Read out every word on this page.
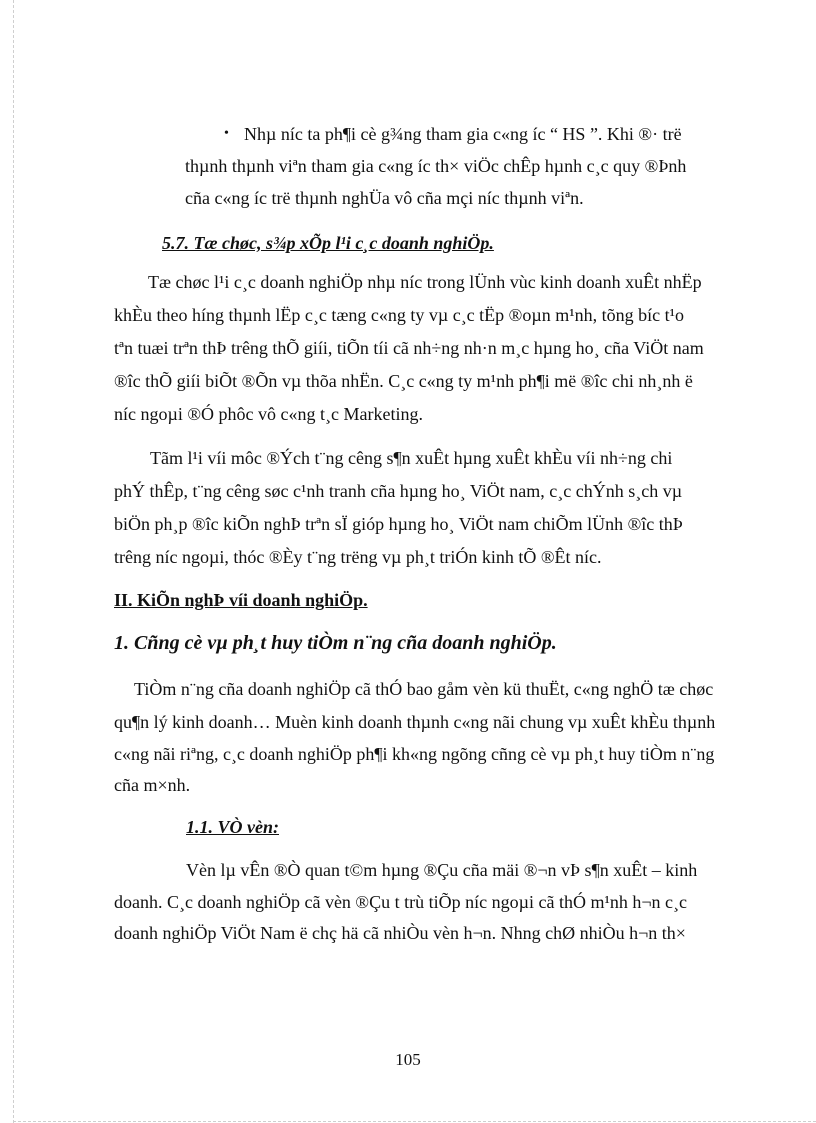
• Nhµ níc ta ph¶i cè g¾ng tham gia c«ng íc “ HS ”. Khi ®· trë
thµnh thµnh viªn tham gia c«ng íc th× viÖc chÊp hµnh c¸c quy ®Þnh
cña c«ng íc trë thµnh nghÜa vô cña mçi níc thµnh viªn.
5.7. Tæ chøc, s¾p xÕp l¹i c¸c doanh nghiÖp.
Tæ chøc l¹i c¸c doanh nghiÖp nhµ níc trong lÜnh vùc kinh doanh xuÊt nhËp
khÈu theo híng thµnh lËp c¸c tæng c«ng ty vµ c¸c tËp ®oµn m¹nh, tõng bíc t¹o
tªn tuæi trªn thÞ trêng thÕ giíi, tiÕn tíi cã nh÷ng nh·n m¸c hµng ho¸ cña ViÖt nam
®îc thÕ giíi biÕt ®Õn vµ thõa nhËn. C¸c c«ng ty m¹nh ph¶i më ®îc chi nh¸nh ë
níc ngoµi ®Ó phôc vô c«ng t¸c Marketing.
Tãm l¹i víi môc ®Ých t¨ng cêng s¶n xuÊt hµng xuÊt khÈu víi nh÷ng chi
phÝ thÊp, t¨ng cêng søc c¹nh tranh cña hµng ho¸ ViÖt nam, c¸c chÝnh s¸ch vµ
biÖn ph¸p ®îc kiÕn nghÞ trªn sÏ gióp hµng ho¸ ViÖt nam chiÕm lÜnh ®îc thÞ
trêng níc ngoµi, thóc ®Èy t¨ng trëng vµ ph¸t triÓn kinh tÕ ®Êt níc.
II. KiÕn nghÞ víi doanh nghiÖp.
1. Cñng cè vµ ph¸t huy tiÒm n¨ng cña doanh nghiÖp.
TiÒm n¨ng cña doanh nghiÖp cã thÓ bao gåm vèn kü thuËt, c«ng nghÖ tæ chøc
qu¶n lý kinh doanh… Muèn kinh doanh thµnh c«ng nãi chung vµ xuÊt khÈu thµnh
c«ng nãi riªng, c¸c doanh nghiÖp ph¶i kh«ng ngõng cñng cè vµ ph¸t huy tiÒm n¨ng
cña m×nh.
1.1. VÒ vèn:
Vèn lµ vÊn ®Ò quan t©m hµng ®Çu cña mäi ®¬n vÞ s¶n xuÊt – kinh
doanh. C¸c doanh nghiÖp cã vèn ®Çu t trù tiÕp níc ngoµi cã thÓ m¹nh h¬n c¸c
doanh nghiÖp ViÖt Nam ë chç hä cã nhiÒu vèn h¬n. Nhng chØ nhiÒu h¬n th×
105
